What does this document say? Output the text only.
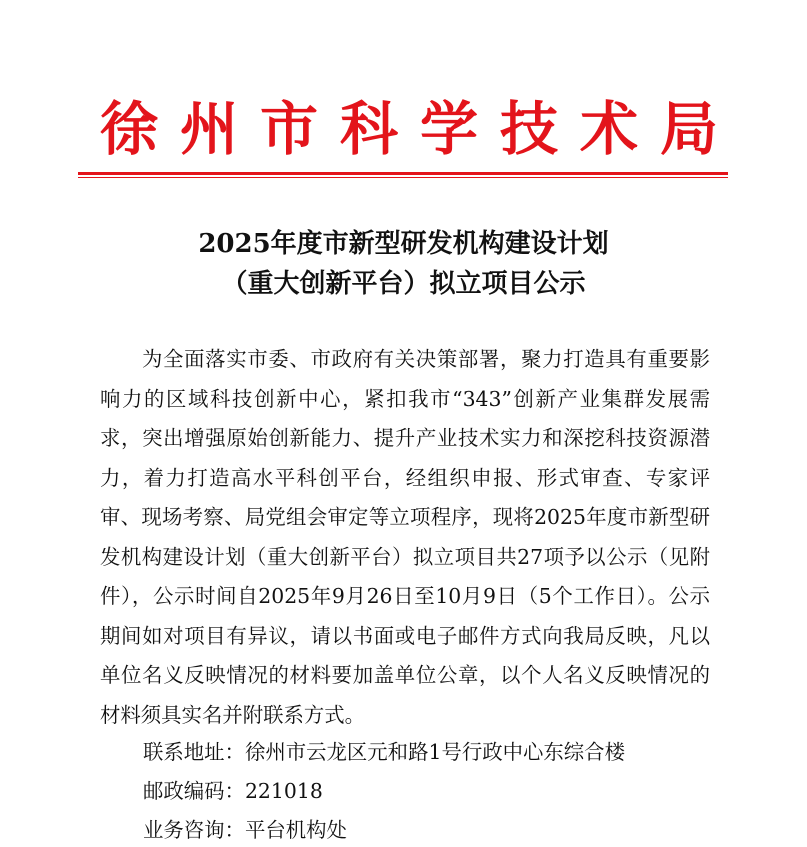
徐州市科学技术局
2025年度市新型研发机构建设计划
（重大创新平台）拟立项目公示

为全面落实市委、市政府有关决策部署，聚力打造具有重要影响力的区域科技创新中心，紧扣我市“343”创新产业集群发展需求，突出增强原始创新能力、提升产业技术实力和深挖科技资源潜力，着力打造高水平科创平台，经组织申报、形式审查、专家评审、现场考察、局党组会审定等立项程序，现将2025年度市新型研发机构建设计划（重大创新平台）拟立项目共27项予以公示（见附件），公示时间自2025年9月26日至10月9日（5个工作日）。公示期间如对项目有异议，请以书面或电子邮件方式向我局反映，凡以单位名义反映情况的材料要加盖单位公章，以个人名义反映情况的材料须具实名并附联系方式。

联系地址：徐州市云龙区元和路1号行政中心东综合楼
邮政编码：221018
业务咨询：平台机构处
